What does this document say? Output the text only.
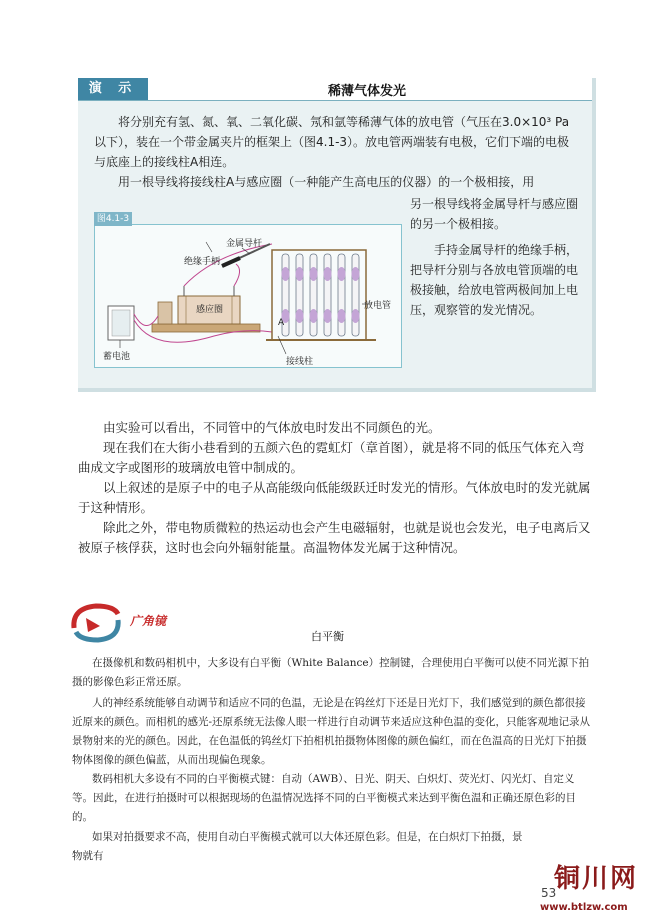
演 示	稀薄气体发光

将分别充有氢、氮、氧、二氧化碳、氖和氩等稀薄气体的放电管（气压在3.0×10³ Pa以下），装在一个带金属夹片的框架上（图4.1-3）。放电管两端装有电极，它们下端的电极与底座上的接线柱A相连。

用一根导线将接线柱A与感应圈（一种能产生高电压的仪器）的一个极相接，用

另一根导线将金属导杆与感应圈的另一个极相接。

手持金属导杆的绝缘手柄，把导杆分别与各放电管顶端的电极接触，给放电管两极间加上电压，观察管的发光情况。

图4.1-3
绝缘手柄
金属导杆
感应圈
蓄电池
放电管
A
接线柱

由实验可以看出，不同管中的气体放电时发出不同颜色的光。

现在我们在大街小巷看到的五颜六色的霓虹灯（章首图），就是将不同的低压气体充入弯曲成文字或图形的玻璃放电管中制成的。

以上叙述的是原子中的电子从高能级向低能级跃迁时发光的情形。气体放电时的发光就属于这种情形。

除此之外，带电物质微粒的热运动也会产生电磁辐射，也就是说也会发光，电子电离后又被原子核俘获，这时也会向外辐射能量。高温物体发光属于这种情况。

广角镜
白平衡

在摄像机和数码相机中，大多设有白平衡（White Balance）控制键，合理使用白平衡可以使不同光源下拍摄的影像色彩正常还原。

人的神经系统能够自动调节和适应不同的色温，无论是在钨丝灯下还是日光灯下，我们感觉到的颜色都很接近原来的颜色。而相机的感光-还原系统无法像人眼一样进行自动调节来适应这种色温的变化，只能客观地记录从景物射来的光的颜色。因此，在色温低的钨丝灯下拍相机拍摄物体图像的颜色偏红，而在色温高的日光灯下拍摄物体图像的颜色偏蓝，从而出现偏色现象。

数码相机大多设有不同的白平衡模式键：自动（AWB）、日光、阴天、白炽灯、荧光灯、闪光灯、自定义等。因此，在进行拍摄时可以根据现场的色温情况选择不同的白平衡模式来达到平衡色温和正确还原色彩的目的。

如果对拍摄要求不高，使用自动白平衡模式就可以大体还原色彩。但是，在白炽灯下拍摄，景物就有

53
铜川网
www.btlzw.com
